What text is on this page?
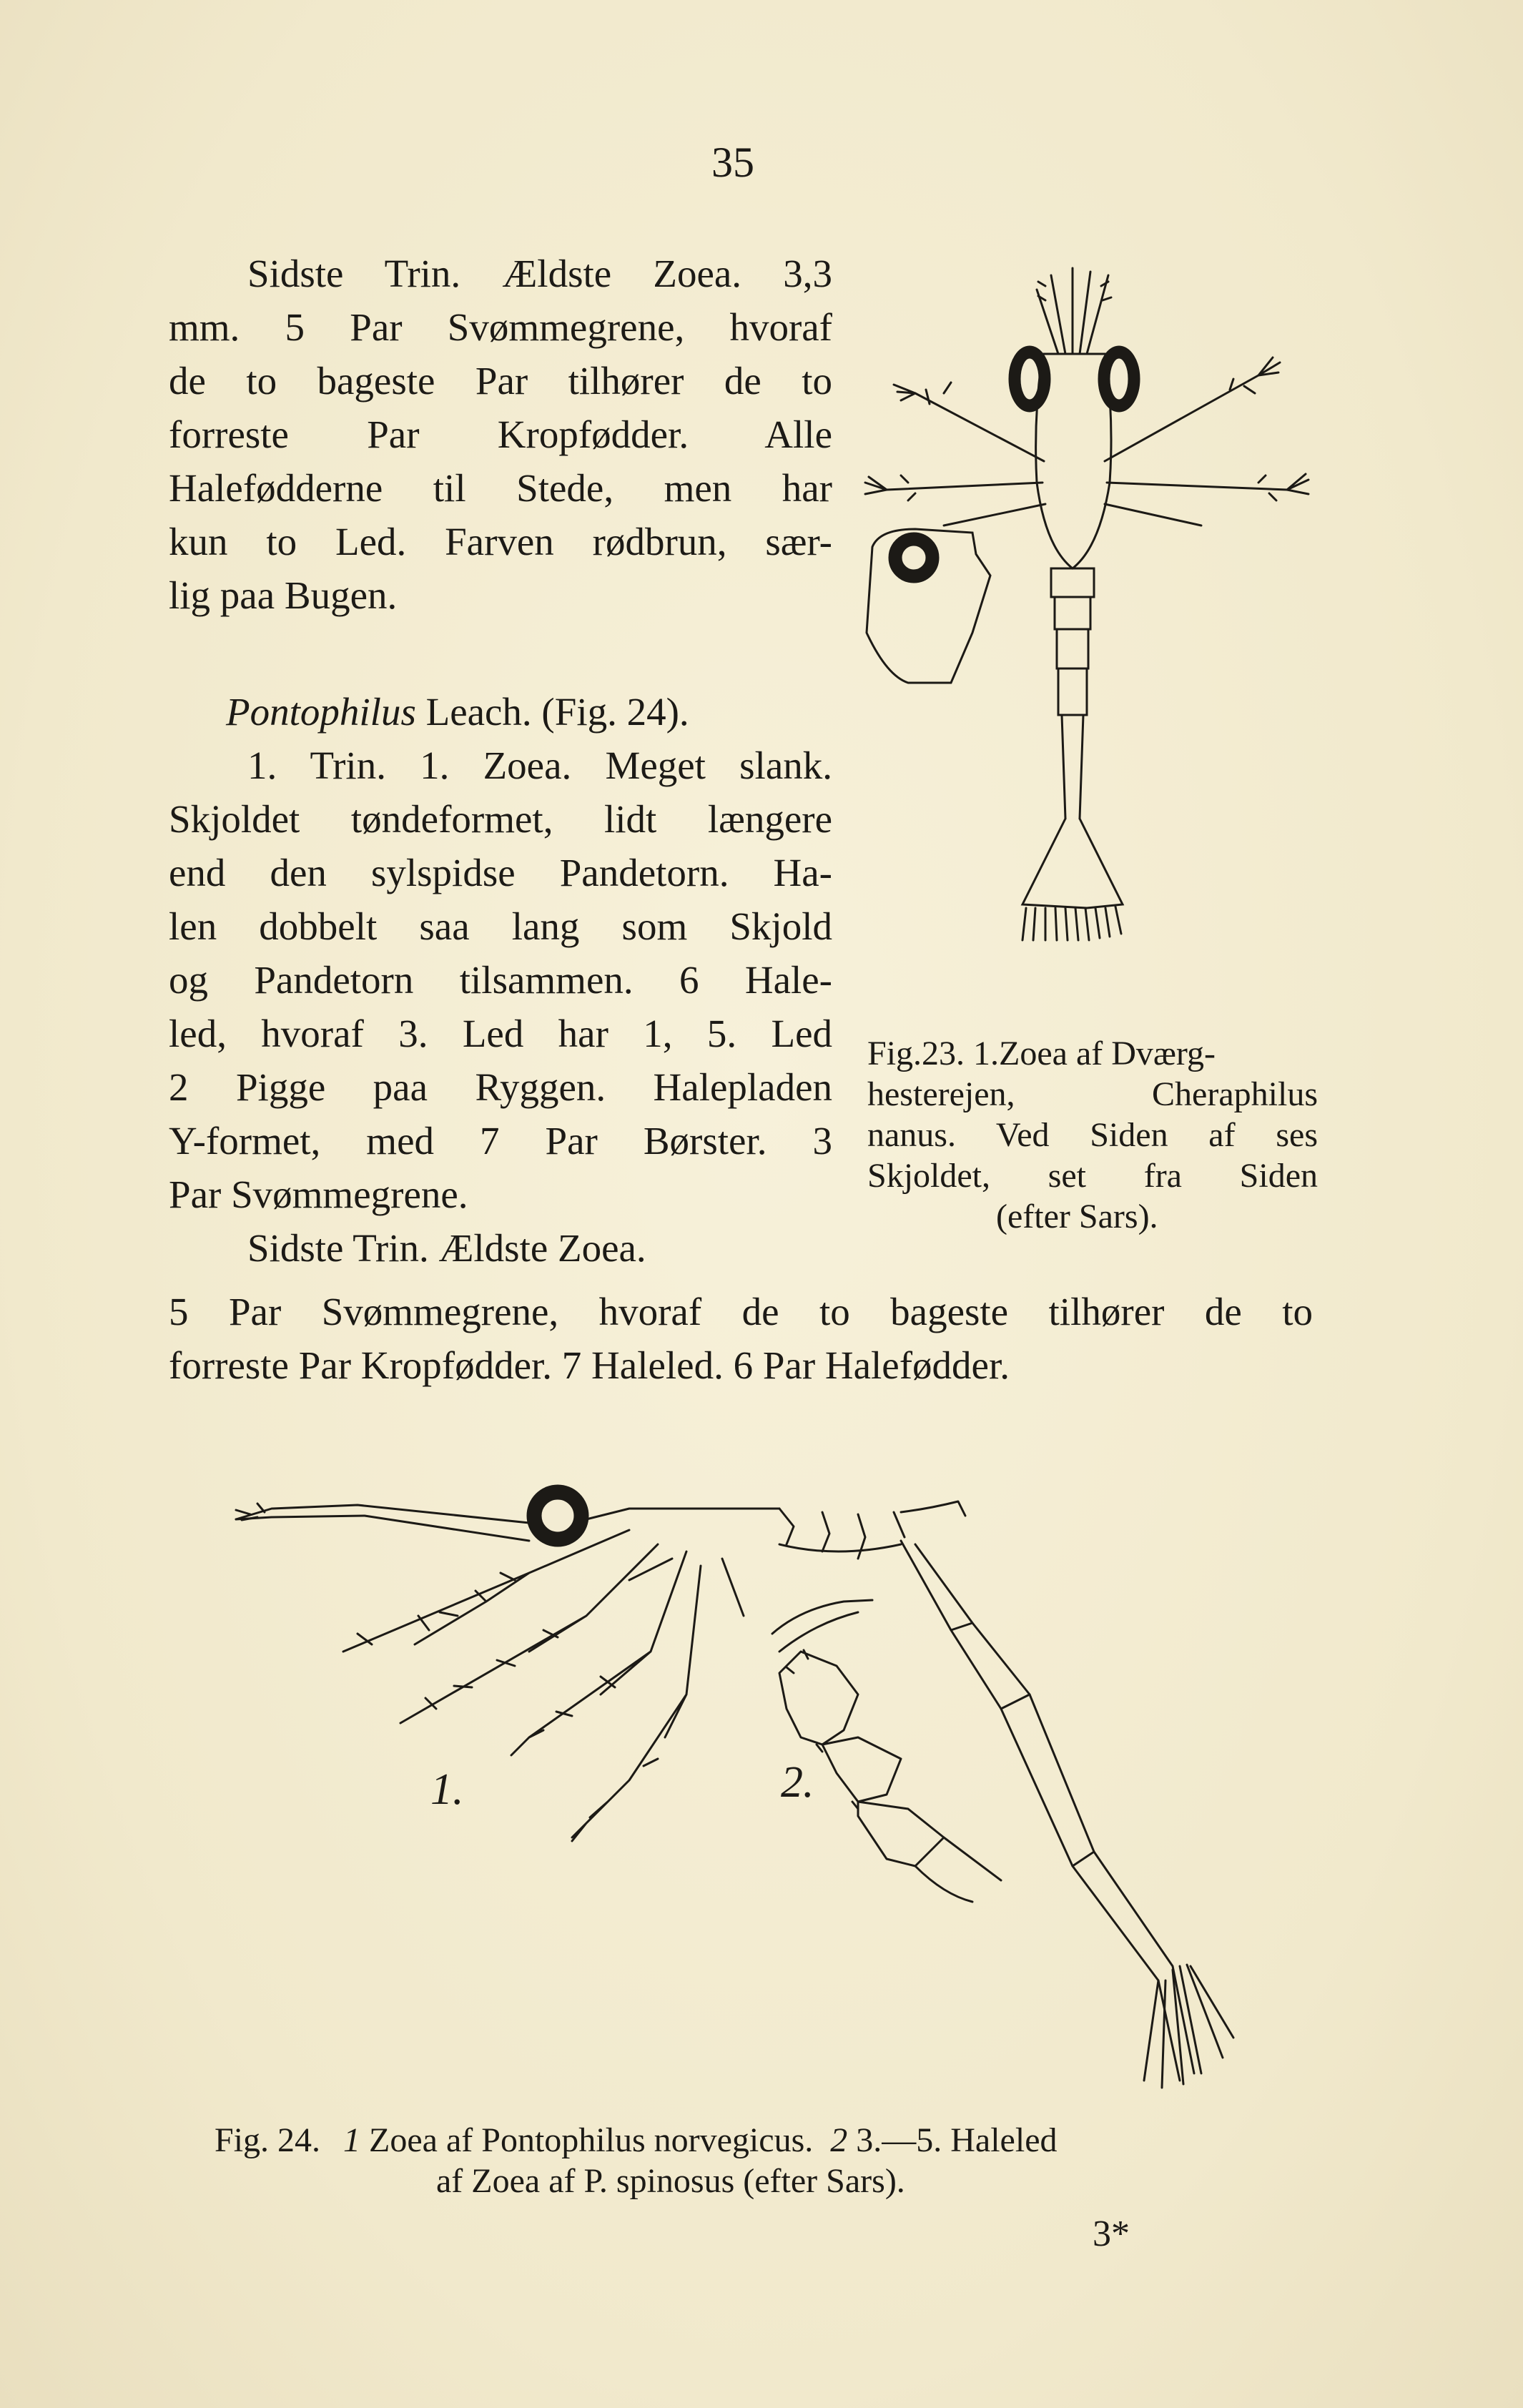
35
Sidste Trin. Ældste Zoea. 3,3
mm. 5 Par Svømmegrene, hvoraf
de to bageste Par tilhører de to
forreste Par Kropfødder. Alle
Halefødderne til Stede, men har
kun to Led. Farven rødbrun, sær-
lig paa Bugen.
Pontophilus Leach. (Fig. 24).
1. Trin. 1. Zoea. Meget slank.
Skjoldet tøndeformet, lidt længere
end den sylspidse Pandetorn. Ha-
len dobbelt saa lang som Skjold
og Pandetorn tilsammen. 6 Hale-
led, hvoraf 3. Led har 1, 5. Led
2 Pigge paa Ryggen. Halepladen
Y-formet, med 7 Par Børster. 3
Par Svømmegrene.
Sidste Trin. Ældste Zoea.
5 Par Svømmegrene, hvoraf de to bageste tilhører de to
forreste Par Kropfødder. 7 Haleled. 6 Par Halefødder.
Fig.23. 1.Zoea af Dværg-
hesterejen, Cheraphilus
nanus. Ved Siden af ses
Skjoldet, set fra Siden
(efter Sars).
1.	2.
Fig. 24. 1 Zoea af Pontophilus norvegicus. 2 3.—5. Haleled
af Zoea af P. spinosus (efter Sars).
3*
